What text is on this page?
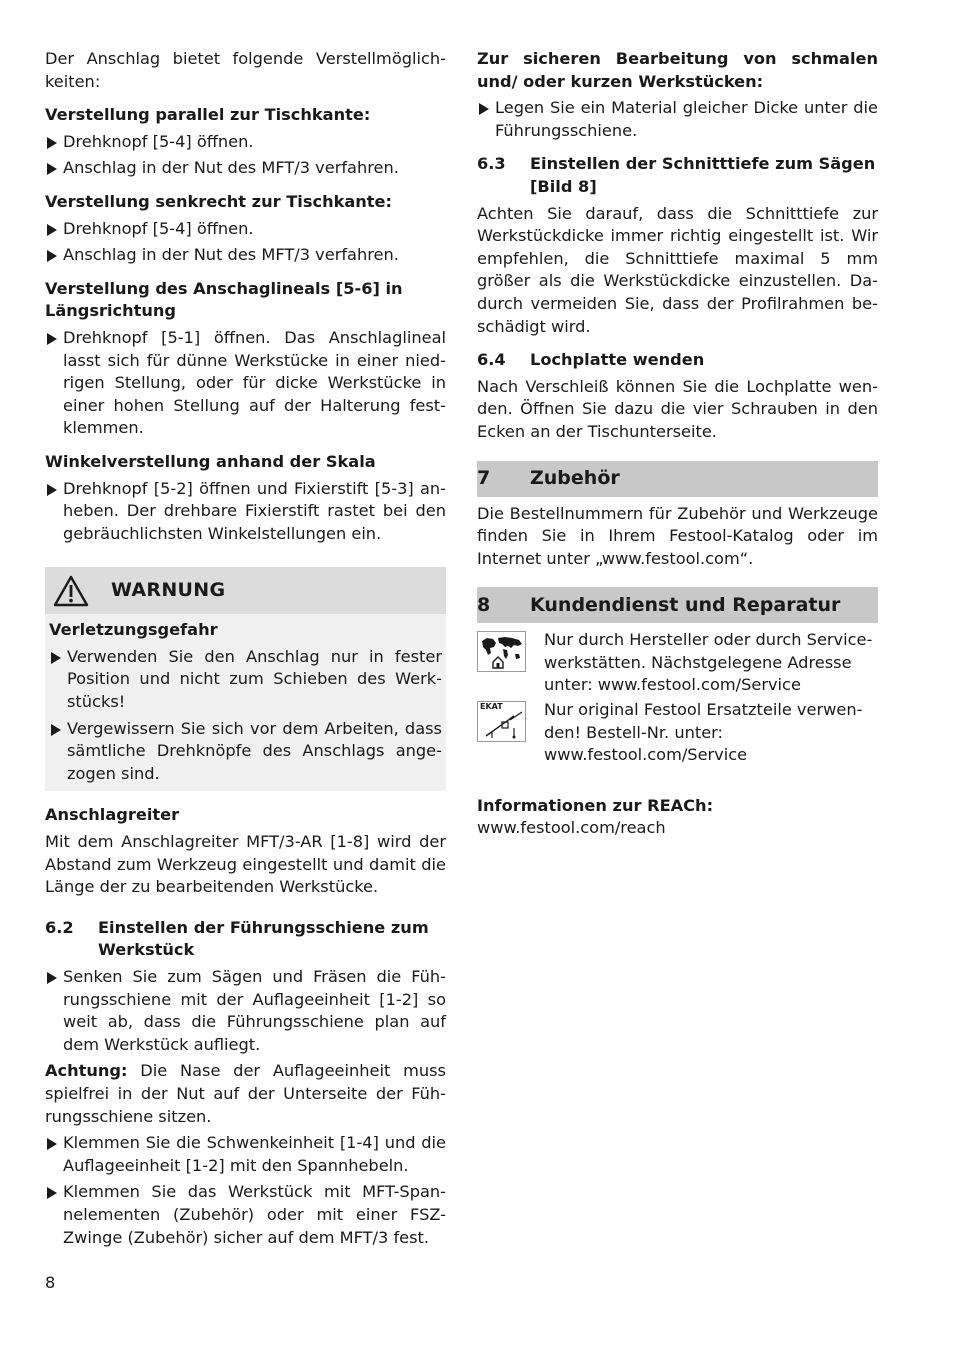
Der Anschlag bietet folgende Verstellmöglichkeiten:

Verstellung parallel zur Tischkante:

Drehknopf [5-4] öffnen.
Anschlag in der Nut des MFT/3 verfahren.

Verstellung senkrecht zur Tischkante:

Drehknopf [5-4] öffnen.
Anschlag in der Nut des MFT/3 verfahren.

Verstellung des Anschaglineals [5-6] in Längsrichtung

Drehknopf [5-1] öffnen. Das Anschlaglineal lasst sich für dünne Werkstücke in einer niedrigen Stellung, oder für dicke Werkstücke in einer hohen Stellung auf der Halterung festklemmen.

Winkelverstellung anhand der Skala

Drehknopf [5-2] öffnen und Fixierstift [5-3] anheben. Der drehbare Fixierstift rastet bei den gebräuchlichsten Winkelstellungen ein.
WARNUNG

Verletzungsgefahr

Verwenden Sie den Anschlag nur in fester Position und nicht zum Schieben des Werkstücks!
Vergewissern Sie sich vor dem Arbeiten, dass sämtliche Drehknöpfe des Anschlags angezogen sind.

Anschlagreiter

Mit dem Anschlagreiter MFT/3-AR [1-8] wird der Abstand zum Werkzeug eingestellt und damit die Länge der zu bearbeitenden Werkstücke.

6.2	Einstellen der Führungsschiene zum Werkstück
Senken Sie zum Sägen und Fräsen die Führungsschiene mit der Auflageeinheit [1-2] so weit ab, dass die Führungsschiene plan auf dem Werkstück aufliegt.

Achtung: Die Nase der Auflageeinheit muss spielfrei in der Nut auf der Unterseite der Führungsschiene sitzen.

Klemmen Sie die Schwenkeinheit [1-4] und die Auflageeinheit [1-2] mit den Spannhebeln.
Klemmen Sie das Werkstück mit MFT-Spannelementen (Zubehör) oder mit einer FSZ-Zwinge (Zubehör) sicher auf dem MFT/3 fest.

Zur sicheren Bearbeitung von schmalen und/ oder kurzen Werkstücken:

Legen Sie ein Material gleicher Dicke unter die Führungsschiene.
6.3	Einstellen der Schnitttiefe zum Sägen [Bild 8]

Achten Sie darauf, dass die Schnitttiefe zur Werkstückdicke immer richtig eingestellt ist. Wir empfehlen, die Schnitttiefe maximal 5 mm größer als die Werkstückdicke einzustellen. Dadurch vermeiden Sie, dass der Profilrahmen beschädigt wird.

6.4	Lochplatte wenden

Nach Verschleiß können Sie die Lochplatte wenden. Öffnen Sie dazu die vier Schrauben in den Ecken an der Tischunterseite.

7	Zubehör

Die Bestellnummern für Zubehör und Werkzeuge finden Sie in Ihrem Festool-Katalog oder im Internet unter „www.festool.com“.

8	Kundendienst und Reparatur
Nur durch Hersteller oder durch Servicewerkstätten. Nächstgelegene Adresse unter: www.festool.com/Service
EKAT	Nur original Festool Ersatzteile verwenden! Bestell-Nr. unter: www.festool.com/Service

Informationen zur REACh:

www.festool.com/reach

8
